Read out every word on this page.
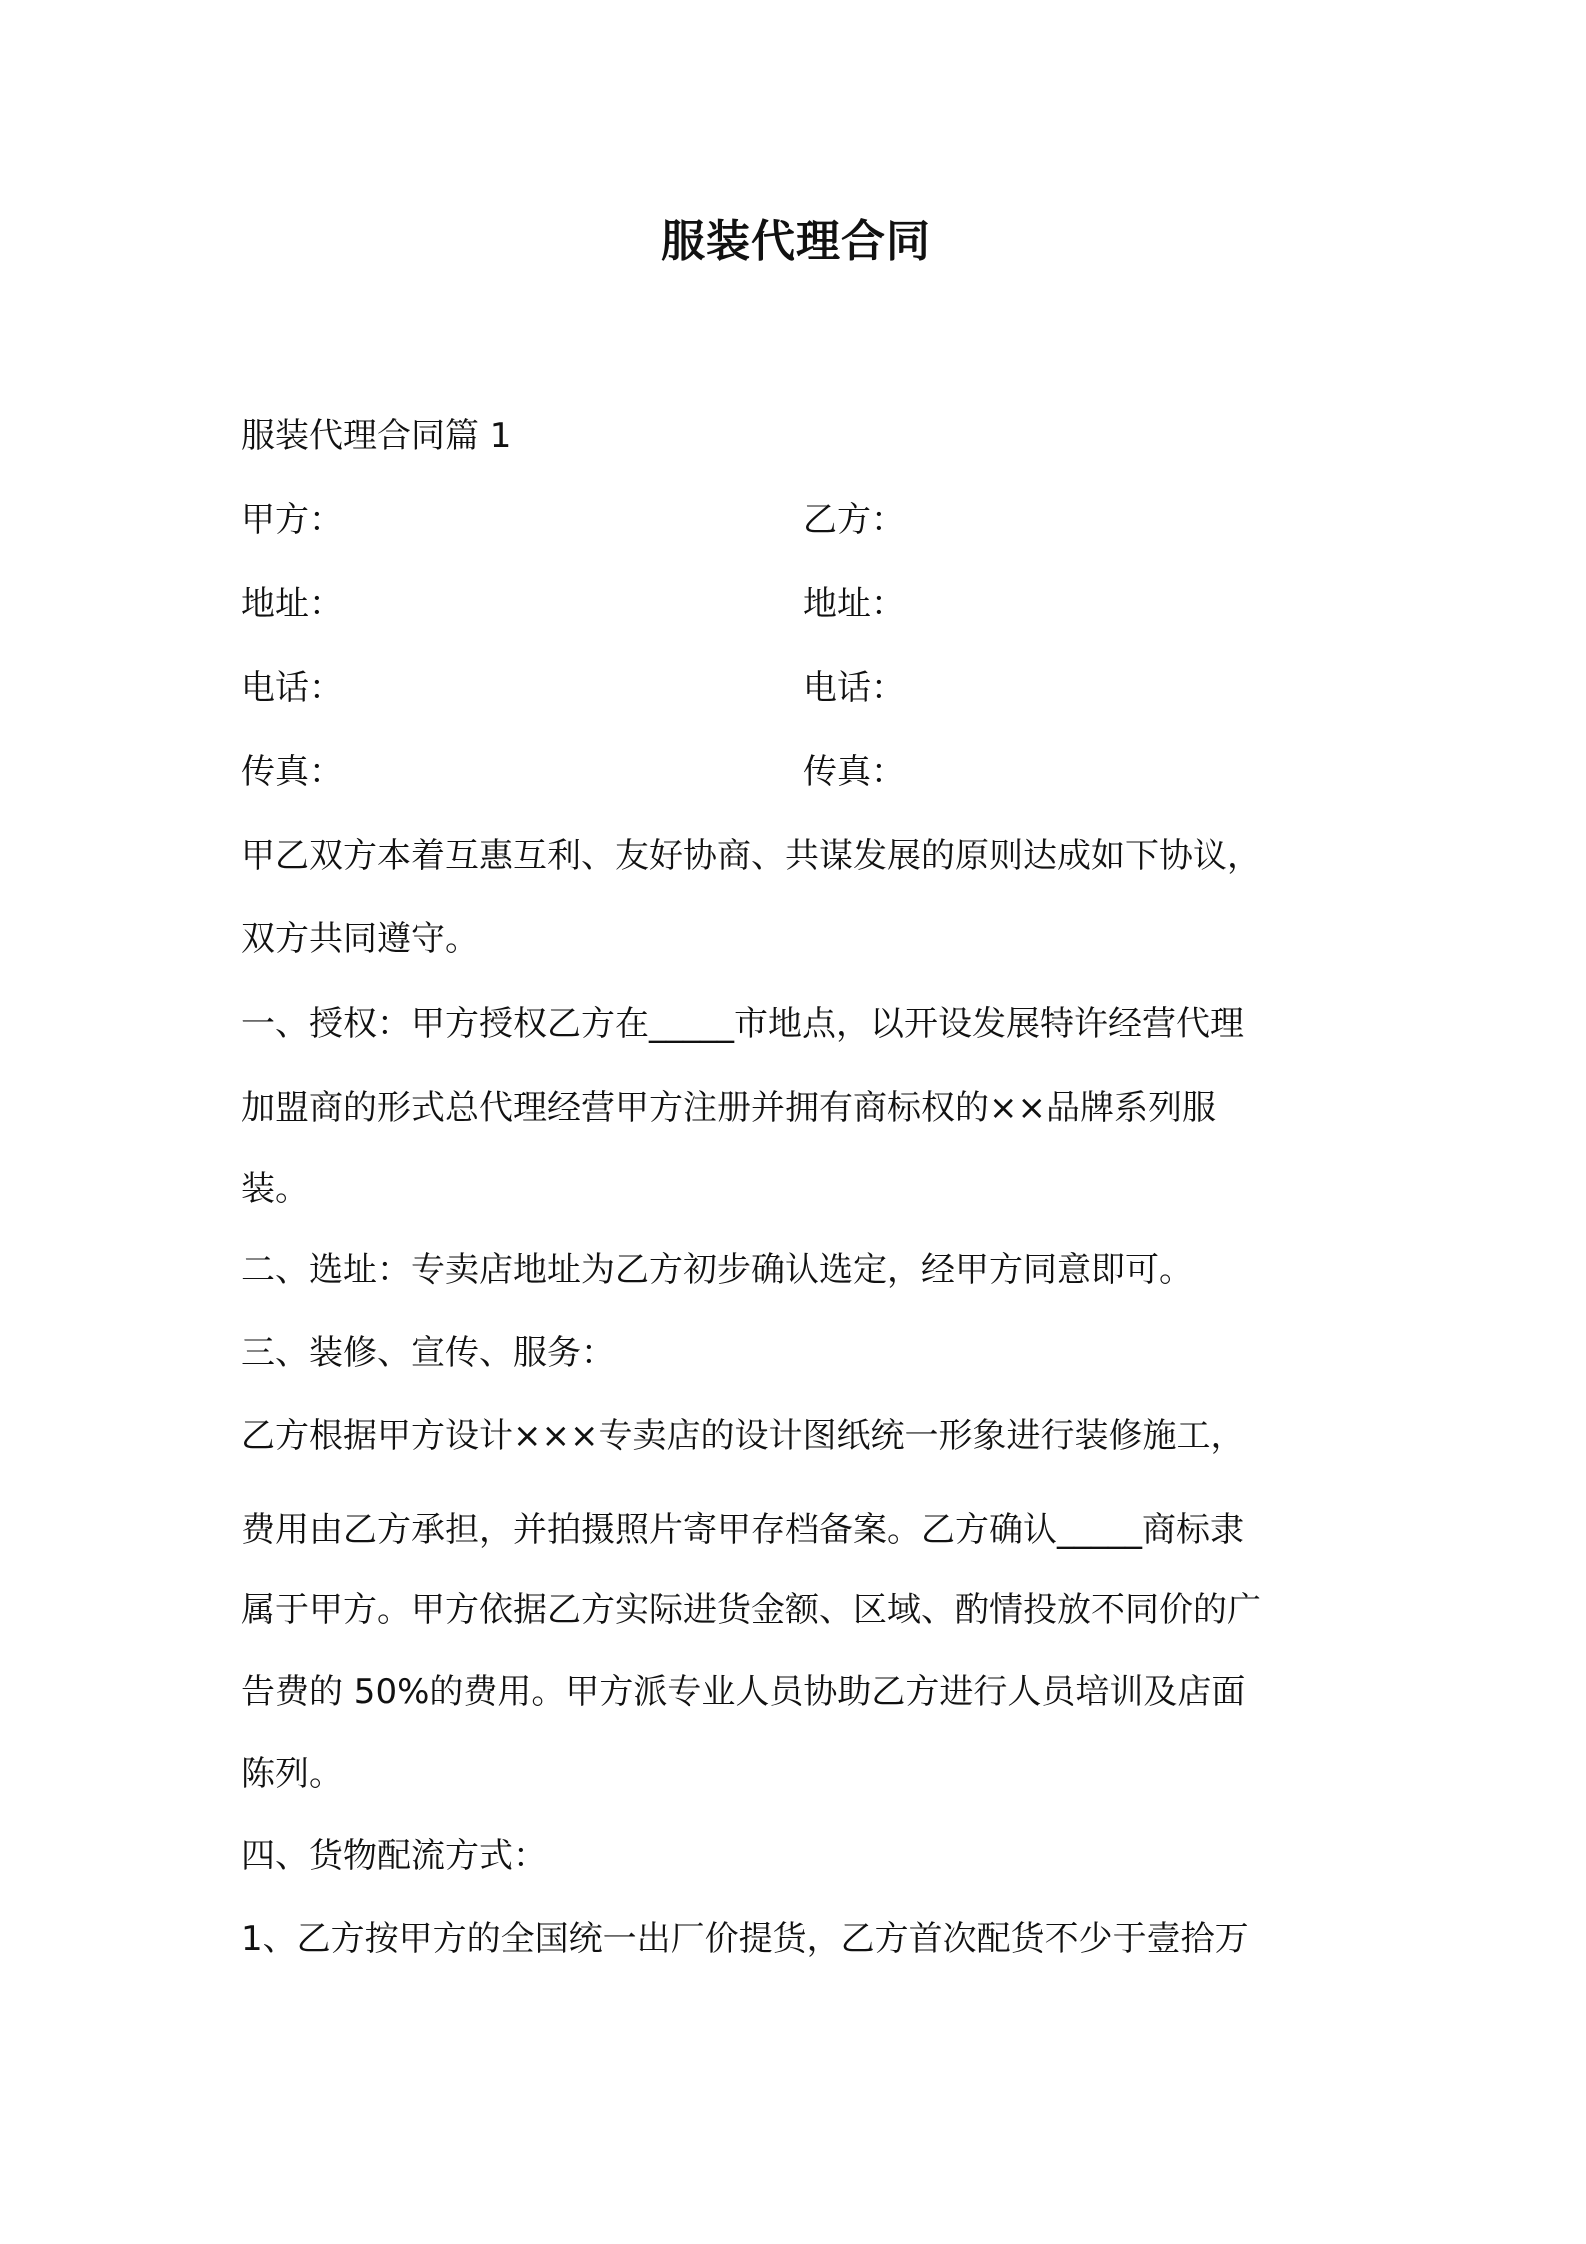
服装代理合同
服装代理合同篇 1
甲方：	乙方：
地址：	地址：
电话：	电话：
传真：	传真：
甲乙双方本着互惠互利、友好协商、共谋发展的原则达成如下协议，
双方共同遵守。
一、授权：甲方授权乙方在_____市地点，以开设发展特许经营代理
加盟商的形式总代理经营甲方注册并拥有商标权的××品牌系列服
装。
二、选址：专卖店地址为乙方初步确认选定，经甲方同意即可。
三、装修、宣传、服务：
乙方根据甲方设计×××专卖店的设计图纸统一形象进行装修施工，
费用由乙方承担，并拍摄照片寄甲存档备案。乙方确认_____商标隶
属于甲方。甲方依据乙方实际进货金额、区域、酌情投放不同价的广
告费的 50%的费用。甲方派专业人员协助乙方进行人员培训及店面
陈列。
四、货物配流方式：
1、乙方按甲方的全国统一出厂价提货，乙方首次配货不少于壹拾万
